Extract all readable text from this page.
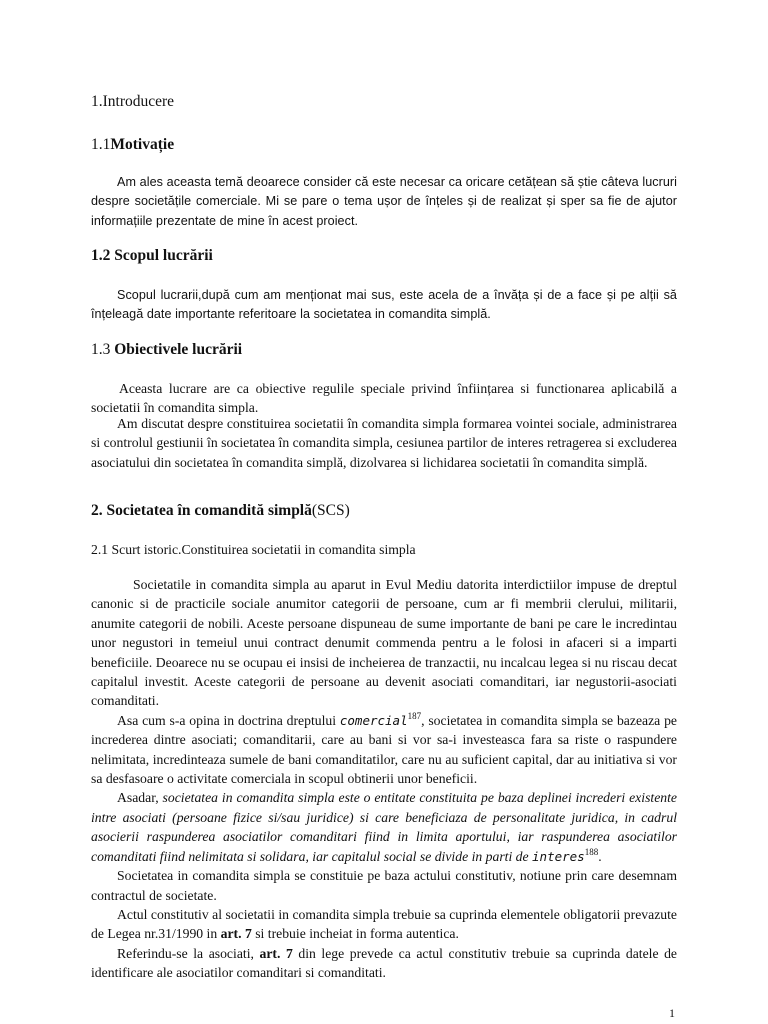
1.Introducere

1.1Motivație

Am ales aceasta temă deoarece consider că este necesar ca oricare cetățean să știe câteva lucruri despre societățile comerciale. Mi se pare o tema ușor de înțeles și de realizat și sper sa fie de ajutor informațiile prezentate de mine în acest proiect.

1.2 Scopul lucrării

Scopul lucrarii,după cum am menționat mai sus, este acela de a învăța și de a face și pe alții să înțeleagă date importante referitoare la societatea in comandita simplă.

1.3 Obiectivele lucrării

Aceasta lucrare are ca obiective regulile speciale privind înființarea si functionarea aplicabilă a societatii în comandita simpla.

Am discutat despre constituirea societatii în comandita simpla formarea vointei sociale, administrarea si controlul gestiunii în societatea în comandita simpla, cesiunea partilor de interes retragerea si excluderea asociatului din societatea în comandita simplă, dizolvarea si lichidarea societatii în comandita simplă.

2. Societatea în comandită simplă(SCS)

2.1 Scurt istoric.Constituirea societatii in comandita simpla

Societatile in comandita simpla au aparut in Evul Mediu datorita interdictiilor impuse de dreptul canonic si de practicile sociale anumitor categorii de persoane, cum ar fi membrii clerului, militarii, anumite categorii de nobili. Aceste persoane dispuneau de sume importante de bani pe care le incredintau unor negustori in temeiul unui contract denumit commenda pentru a le folosi in afaceri si a imparti beneficiile. Deoarece nu se ocupau ei insisi de incheierea de tranzactii, nu incalcau legea si nu riscau decat capitalul investit. Aceste categorii de persoane au devenit asociati comanditari, iar negustorii-asociati comanditati.

Asa cum s-a opina in doctrina dreptului comercial$^{187}$, societatea in comandita simpla se bazeaza pe increderea dintre asociati; comanditarii, care au bani si vor sa-i investeasca fara sa riste o raspundere nelimitata, incredinteaza sumele de bani comanditatilor, care nu au suficient capital, dar au initiativa si vor sa desfasoare o activitate comerciala in scopul obtinerii unor beneficii.

Asadar, societatea in comandita simpla este o entitate constituita pe baza deplinei increderi existente intre asociati (persoane fizice si/sau juridice) si care beneficiaza de personalitate juridica, in cadrul asocierii raspunderea asociatilor comanditari fiind in limita aportului, iar raspunderea asociatilor comanditati fiind nelimitata si solidara, iar capitalul social se divide in parti de interes$^{188}$.

Societatea in comandita simpla se constituie pe baza actului constitutiv, notiune prin care desemnam contractul de societate.

Actul constitutiv al societatii in comandita simpla trebuie sa cuprinda elementele obligatorii prevazute de Legea nr.31/1990 in art. 7 si trebuie incheiat in forma autentica.

Referindu-se la asociati, art. 7 din lege prevede ca actul constitutiv trebuie sa cuprinda datele de identificare ale asociatilor comanditari si comanditati.

1
